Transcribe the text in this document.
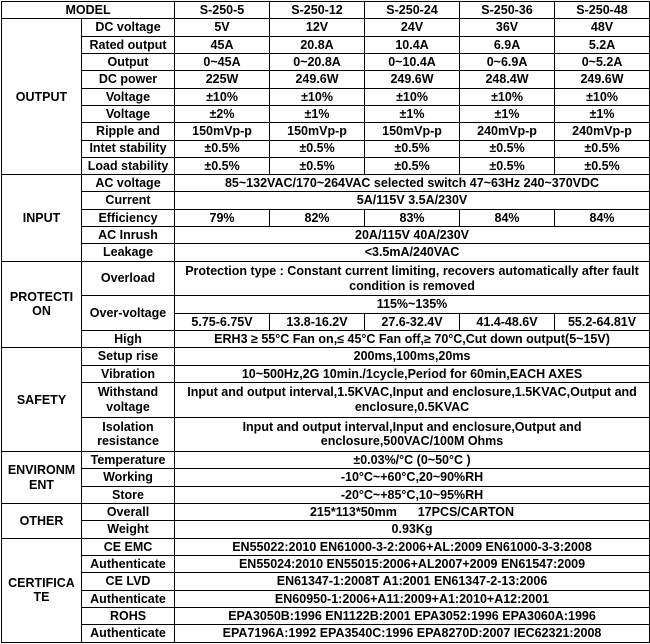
MODEL		S-250-5	S-250-12	S-250-24	S-250-36	S-250-48
OUTPUT	DC voltage	5V	12V	24V	36V	48V
	Rated output	45A	20.8A	10.4A	6.9A	5.2A
	Output	0~45A	0~20.8A	0~10.4A	0~6.9A	0~5.2A
	DC power	225W	249.6W	249.6W	248.4W	249.6W
	Voltage	±10%	±10%	±10%	±10%	±10%
	Voltage	±2%	±1%	±1%	±1%	±1%
	Ripple and	150mVp-p	150mVp-p	150mVp-p	240mVp-p	240mVp-p
	Intet stability	±0.5%	±0.5%	±0.5%	±0.5%	±0.5%
	Load stability	±0.5%	±0.5%	±0.5%	±0.5%	±0.5%
INPUT	AC voltage	85~132VAC/170~264VAC selected switch 47~63Hz 240~370VDC				
	Current	5A/115V 3.5A/230V				
	Efficiency	79%	82%	83%	84%	84%
	AC Inrush	20A/115V 40A/230V				
	Leakage	<3.5mA/240VAC				
PROTECTI
ON	Overload	Protection type : Constant current limiting, recovers automatically after fault
condition is removed				
	Over-voltage	115%~135%				
		5.75-6.75V	13.8-16.2V	27.6-32.4V	41.4-48.6V	55.2-64.81V
	High	ERH3 ≥ 55°C Fan on,≤ 45°C Fan off,≥ 70°C,Cut down output(5~15V)				
SAFETY	Setup rise	200ms,100ms,20ms				
	Vibration	10~500Hz,2G 10min./1cycle,Period for 60min,EACH AXES				
	Withstand
voltage	Input and output interval,1.5KVAC,Input and enclosure,1.5KVAC,Output and
enclosure,0.5KVAC				
	Isolation
resistance	Input and output interval,Input and enclosure,Output and
enclosure,500VAC/100M Ohms				
ENVIRONM
ENT	Temperature	±0.03%/°C (0~50°C )				
	Working	-10°C~+60°C,20~90%RH				
	Store	-20°C~+85°C,10~95%RH				
OTHER	Overall	215*113*50mm      17PCS/CARTON				
	Weight	0.93Kg				
CERTIFICA
TE	CE EMC	EN55022:2010 EN61000-3-2:2006+AL:2009 EN61000-3-3:2008				
	Authenticate	EN55024:2010 EN55015:2006+AL2007+2009 EN61547:2009				
	CE LVD	EN61347-1:2008T A1:2001 EN61347-2-13:2006				
	Authenticate	EN60950-1:2006+A11:2009+A1:2010+A12:2001				
	ROHS	EPA3050B:1996 EN1122B:2001 EPA3052:1996 EPA3060A:1996				
	Authenticate	EPA7196A:1992 EPA3540C:1996 EPA8270D:2007 IEC62321:2008				
